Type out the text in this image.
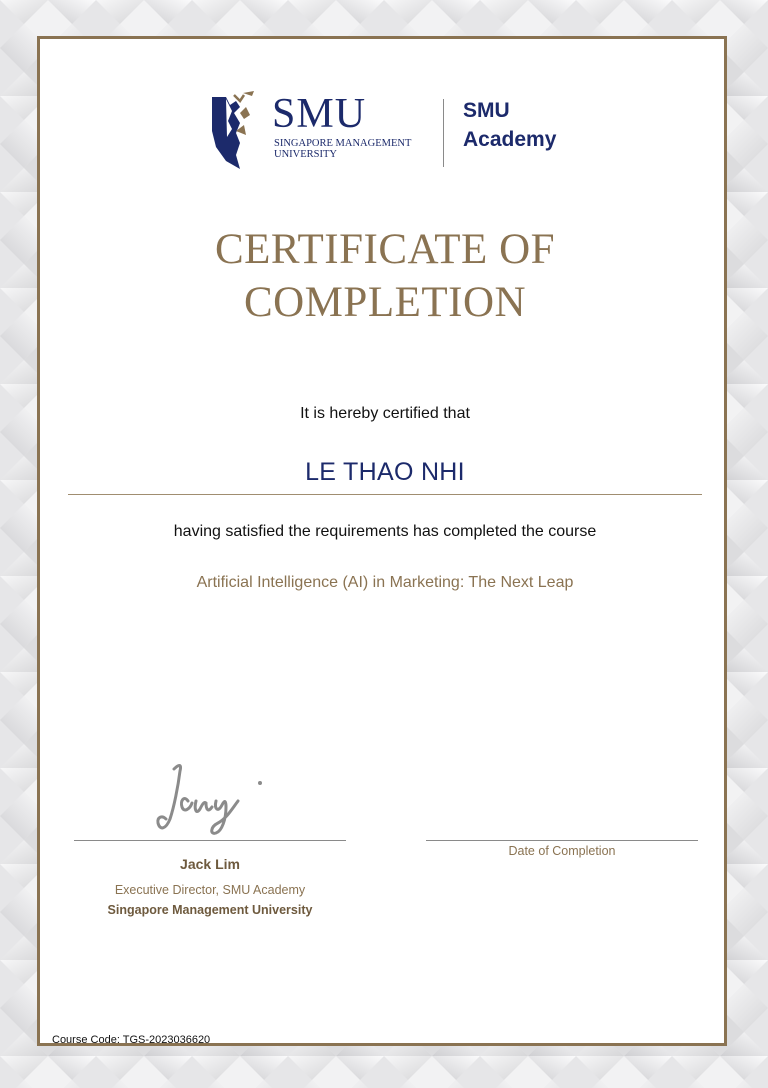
SMU
SINGAPORE MANAGEMENT
UNIVERSITY
SMU
Academy
CERTIFICATE OF
COMPLETION
It is hereby certified that
LE THAO NHI
having satisfied the requirements has completed the course
Artificial Intelligence (AI) in Marketing: The Next Leap
Jack Lim
Executive Director, SMU Academy
Singapore Management University
Date of Completion
Course Code: TGS-2023036620
